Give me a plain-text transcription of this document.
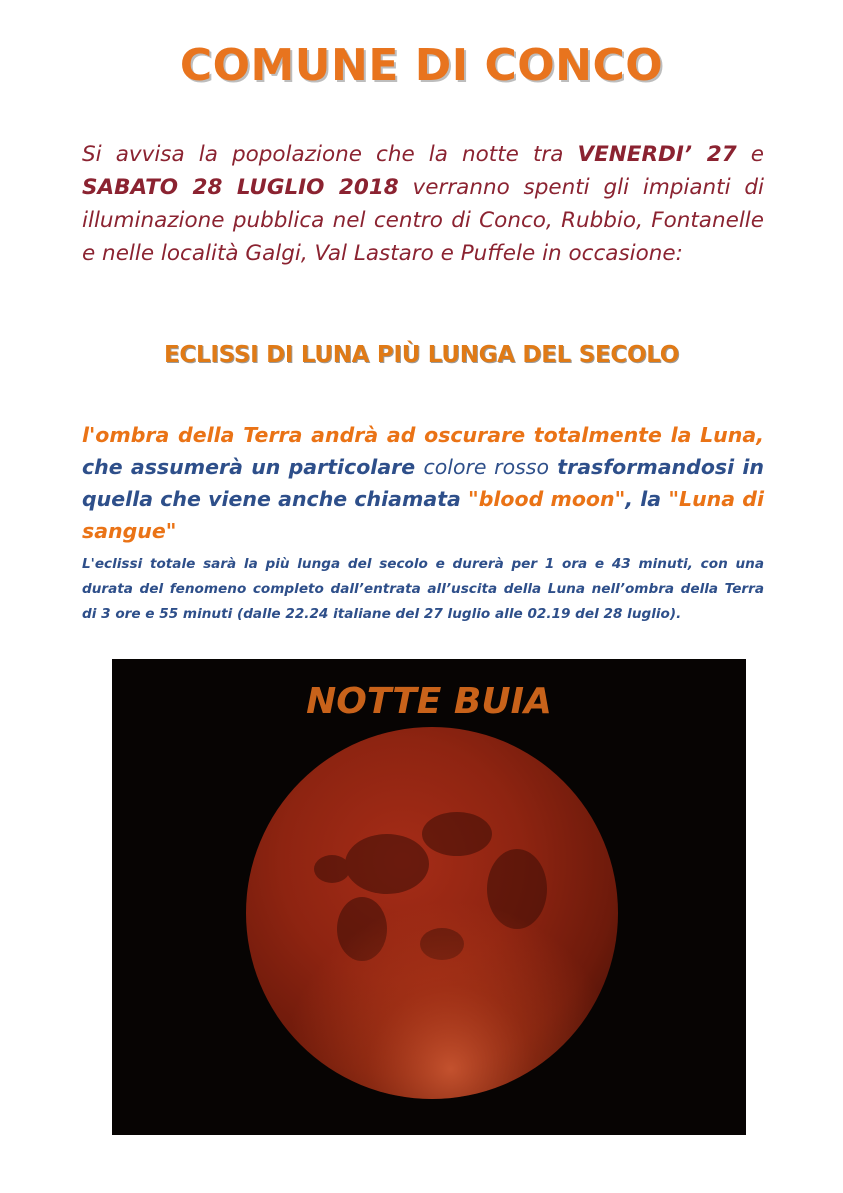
COMUNE DI CONCO
Si avvisa la popolazione che la notte tra VENERDI’ 27 e SABATO 28 LUGLIO 2018 verranno spenti gli impianti di illuminazione pubblica nel centro di Conco, Rubbio, Fontanelle e nelle località Galgi, Val Lastaro e Puffele in occasione:
ECLISSI DI LUNA PIÙ LUNGA DEL SECOLO
l'ombra della Terra andrà ad oscurare totalmente la Luna, che assumerà un particolare colore rosso trasformandosi in quella che viene anche chiamata "blood moon", la "Luna di sangue"
L'eclissi totale sarà la più lunga del secolo e durerà per 1 ora e 43 minuti, con una durata del fenomeno completo dall’entrata all’uscita della Luna nell’ombra della Terra di 3 ore e 55 minuti (dalle 22.24 italiane del 27 luglio alle 02.19 del 28 luglio).
NOTTE BUIA
